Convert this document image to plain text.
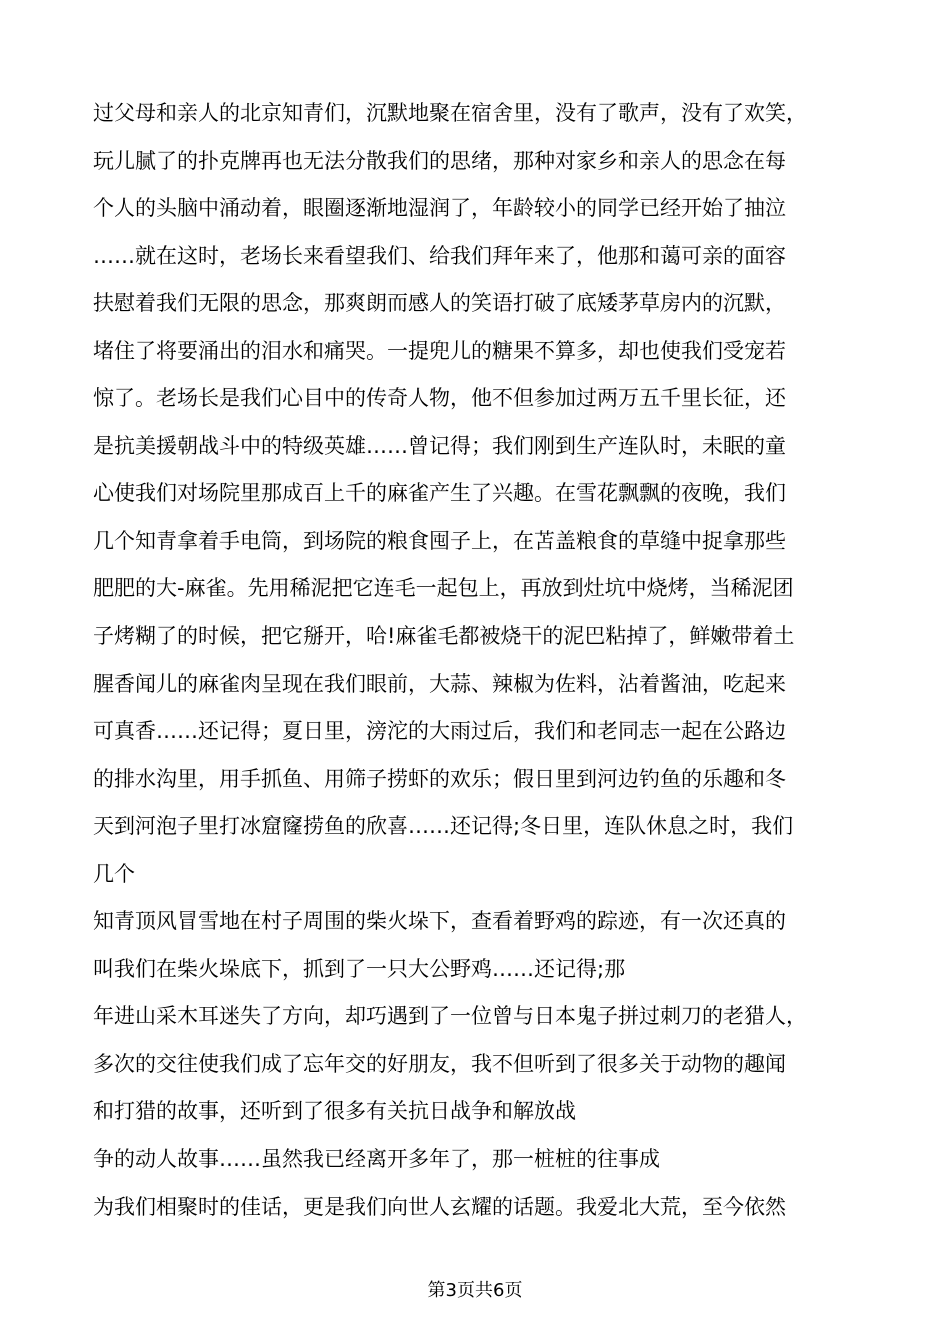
过父母和亲人的北京知青们，沉默地聚在宿舍里，没有了歌声，没有了欢笑，
玩儿腻了的扑克牌再也无法分散我们的思绪，那种对家乡和亲人的思念在每
个人的头脑中涌动着，眼圈逐渐地湿润了，年龄较小的同学已经开始了抽泣
……就在这时，老场长来看望我们、给我们拜年来了，他那和蔼可亲的面容
扶慰着我们无限的思念，那爽朗而感人的笑语打破了底矮茅草房内的沉默，
堵住了将要涌出的泪水和痛哭。一提兜儿的糖果不算多，却也使我们受宠若
惊了。老场长是我们心目中的传奇人物，他不但参加过两万五千里长征，还
是抗美援朝战斗中的特级英雄……曾记得；我们刚到生产连队时，未眠的童
心使我们对场院里那成百上千的麻雀产生了兴趣。在雪花飘飘的夜晚，我们
几个知青拿着手电筒，到场院的粮食囤子上，在苫盖粮食的草缝中捉拿那些
肥肥的大-麻雀。先用稀泥把它连毛一起包上，再放到灶坑中烧烤，当稀泥团
子烤糊了的时候，把它掰开，哈!麻雀毛都被烧干的泥巴粘掉了，鲜嫩带着土
腥香闻儿的麻雀肉呈现在我们眼前，大蒜、辣椒为佐料，沾着酱油，吃起来
可真香……还记得；夏日里，滂沱的大雨过后，我们和老同志一起在公路边
的排水沟里，用手抓鱼、用筛子捞虾的欢乐；假日里到河边钓鱼的乐趣和冬
天到河泡子里打冰窟窿捞鱼的欣喜……还记得;冬日里，连队休息之时，我们
几个
知青顶风冒雪地在村子周围的柴火垛下，查看着野鸡的踪迹，有一次还真的
叫我们在柴火垛底下，抓到了一只大公野鸡……还记得;那
年进山采木耳迷失了方向，却巧遇到了一位曾与日本鬼子拼过刺刀的老猎人，
多次的交往使我们成了忘年交的好朋友，我不但听到了很多关于动物的趣闻
和打猎的故事，还听到了很多有关抗日战争和解放战
争的动人故事……虽然我已经离开多年了，那一桩桩的往事成
为我们相聚时的佳话，更是我们向世人玄耀的话题。我爱北大荒，至今依然
第3页共6页
